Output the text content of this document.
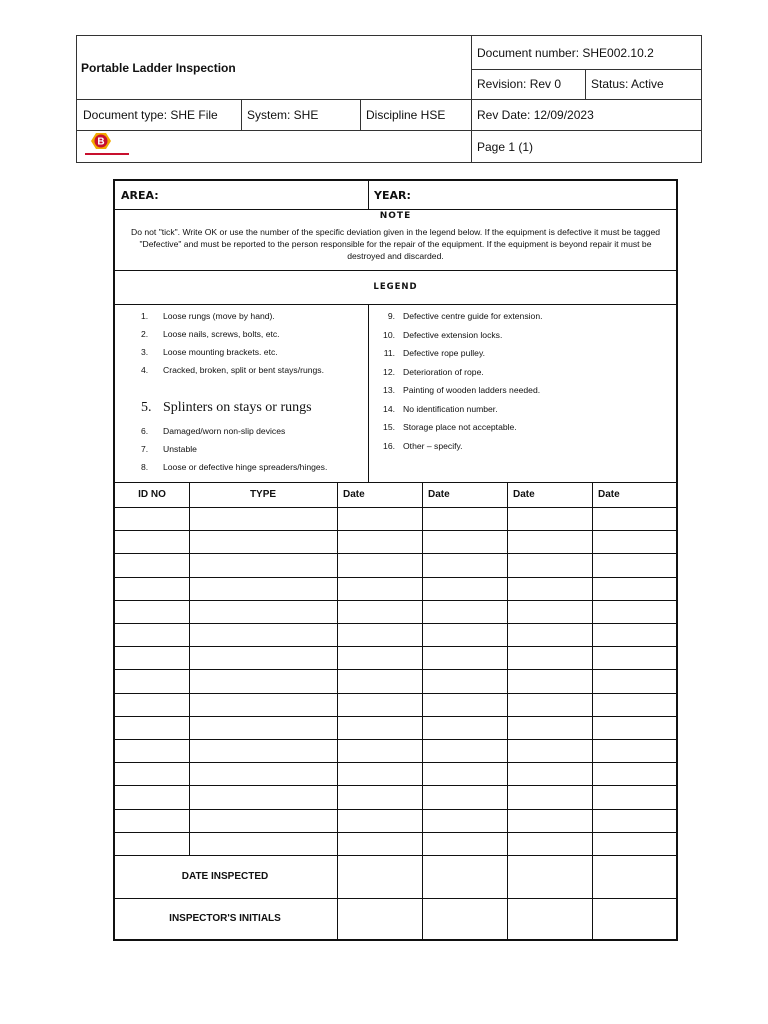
Portable Ladder Inspection
Document number: SHE002.10.2
Revision: Rev 0	Status: Active
Document type: SHE File	System: SHE	Discipline HSE	Rev Date: 12/09/2023
Page 1 (1)
B
AREA:	YEAR:
NOTE
Do not "tick". Write OK or use the number of the specific deviation given in the legend below. If the equipment is defective it must be tagged "Defective" and must be reported to the person responsible for the repair of the equipment. If the equipment is beyond repair it must be destroyed and discarded.
LEGEND
1. Loose rungs (move by hand).
2. Loose nails, screws, bolts, etc.
3. Loose mounting brackets. etc.
4. Cracked, broken, split or bent stays/rungs.
5. Splinters on stays or rungs
6. Damaged/worn non-slip devices
7. Unstable
8. Loose or defective hinge spreaders/hinges.
9. Defective centre guide for extension.
10. Defective extension locks.
11. Defective rope pulley.
12. Deterioration of rope.
13. Painting of wooden ladders needed.
14. No identification number.
15. Storage place not acceptable.
16. Other – specify.
ID NO	TYPE	Date	Date	Date	Date
DATE INSPECTED
INSPECTOR'S INITIALS
